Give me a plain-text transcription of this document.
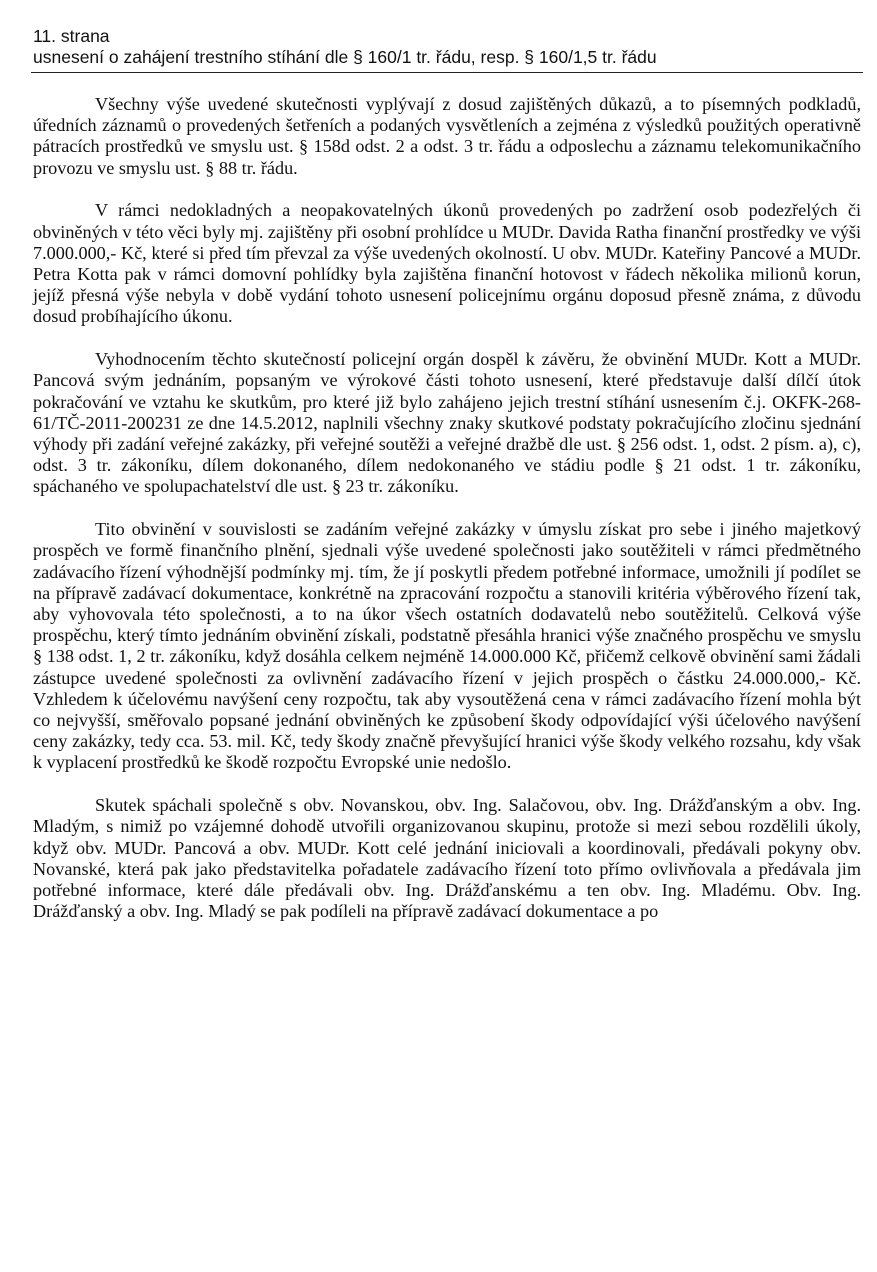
11. strana
usnesení o zahájení trestního stíhání dle § 160/1 tr. řádu, resp. § 160/1,5 tr. řádu

Všechny výše uvedené skutečnosti vyplývají z dosud zajištěných důkazů, a to písemných podkladů, úředních záznamů o provedených šetřeních a podaných vysvětleních a zejména z výsledků použitých operativně pátracích prostředků ve smyslu ust. § 158d odst. 2 a odst. 3 tr. řádu a odposlechu a záznamu telekomunikačního provozu ve smyslu ust. § 88 tr. řádu.

V rámci nedokladných a neopakovatelných úkonů provedených po zadržení osob podezřelých či obviněných v této věci byly mj. zajištěny při osobní prohlídce u MUDr. Davida Ratha finanční prostředky ve výši 7.000.000,- Kč, které si před tím převzal za výše uvedených okolností. U obv. MUDr. Kateřiny Pancové a MUDr. Petra Kotta pak v rámci domovní pohlídky byla zajištěna finanční hotovost v řádech několika milionů korun, jejíž přesná výše nebyla v době vydání tohoto usnesení policejnímu orgánu doposud přesně známa, z důvodu dosud probíhajícího úkonu.

Vyhodnocením těchto skutečností policejní orgán dospěl k závěru, že obvinění MUDr. Kott a MUDr. Pancová svým jednáním, popsaným ve výrokové části tohoto usnesení, které představuje další dílčí útok pokračování ve vztahu ke skutkům, pro které již bylo zahájeno jejich trestní stíhání usnesením č.j. OKFK-268-61/TČ-2011-200231 ze dne 14.5.2012, naplnili všechny znaky skutkové podstaty pokračujícího zločinu sjednání výhody při zadání veřejné zakázky, při veřejné soutěži a veřejné dražbě dle ust. § 256 odst. 1, odst. 2 písm. a), c), odst. 3 tr. zákoníku, dílem dokonaného, dílem nedokonaného ve stádiu podle § 21 odst. 1 tr. zákoníku, spáchaného ve spolupachatelství dle ust. § 23 tr. zákoníku.

Tito obvinění v souvislosti se zadáním veřejné zakázky v úmyslu získat pro sebe i jiného majetkový prospěch ve formě finančního plnění, sjednali výše uvedené společnosti jako soutěžiteli v rámci předmětného zadávacího řízení výhodnější podmínky mj. tím, že jí poskytli předem potřebné informace, umožnili jí podílet se na přípravě zadávací dokumentace, konkrétně na zpracování rozpočtu a stanovili kritéria výběrového řízení tak, aby vyhovovala této společnosti, a to na úkor všech ostatních dodavatelů nebo soutěžitelů. Celková výše prospěchu, který tímto jednáním obvinění získali, podstatně přesáhla hranici výše značného prospěchu ve smyslu § 138 odst. 1, 2 tr. zákoníku, když dosáhla celkem nejméně 14.000.000 Kč, přičemž celkově obvinění sami žádali zástupce uvedené společnosti za ovlivnění zadávacího řízení v jejich prospěch o částku 24.000.000,- Kč. Vzhledem k účelovému navýšení ceny rozpočtu, tak aby vysoutěžená cena v rámci zadávacího řízení mohla být co nejvyšší, směřovalo popsané jednání obviněných ke způsobení škody odpovídající výši účelového navýšení ceny zakázky, tedy cca. 53. mil. Kč, tedy škody značně převyšující hranici výše škody velkého rozsahu, kdy však k vyplacení prostředků ke škodě rozpočtu Evropské unie nedošlo.

Skutek spáchali společně s obv. Novanskou, obv. Ing. Salačovou, obv. Ing. Drážďanským a obv. Ing. Mladým, s nimiž po vzájemné dohodě utvořili organizovanou skupinu, protože si mezi sebou rozdělili úkoly, když obv. MUDr. Pancová a obv. MUDr. Kott celé jednání iniciovali a koordinovali, předávali pokyny obv. Novanské, která pak jako představitelka pořadatele zadávacího řízení toto přímo ovlivňovala a předávala jim potřebné informace, které dále předávali obv. Ing. Drážďanskému a ten obv. Ing. Mladému. Obv. Ing. Drážďanský a obv. Ing. Mladý se pak podíleli na přípravě zadávací dokumentace a po
